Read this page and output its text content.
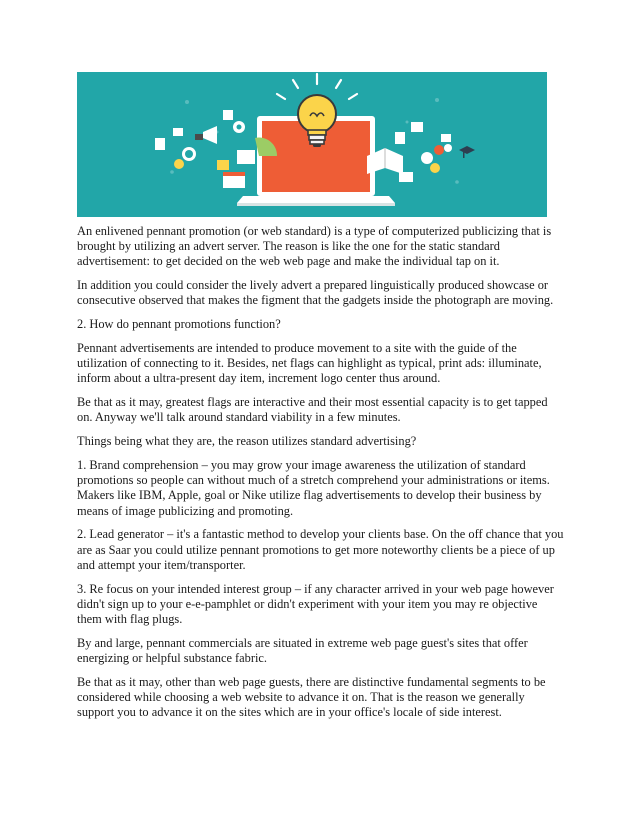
An enlivened pennant promotion (or web standard) is a type of computerized publicizing that is brought by utilizing an advert server. The reason is like the one for the static standard advertisement: to get decided on the web web page and make the individual tap on it.

In addition you could consider the lively advert a prepared linguistically produced showcase or consecutive observed that makes the figment that the gadgets inside the photograph are moving.

2. How do pennant promotions function?

Pennant advertisements are intended to produce movement to a site with the guide of the utilization of connecting to it. Besides, net flags can highlight as typical, print ads: illuminate, inform about a ultra-present day item, increment logo center thus around.

Be that as it may, greatest flags are interactive and their most essential capacity is to get tapped on. Anyway we'll talk around standard viability in a few minutes.

Things being what they are, the reason utilizes standard advertising?

1. Brand comprehension – you may grow your image awareness the utilization of standard promotions so people can without much of a stretch comprehend your administrations or items. Makers like IBM, Apple, goal or Nike utilize flag advertisements to develop their business by means of image publicizing and promoting.

2. Lead generator – it's a fantastic method to develop your clients base. On the off chance that you are as Saar you could utilize pennant promotions to get more noteworthy clients be a piece of up and attempt your item/transporter.

3. Re focus on your intended interest group – if any character arrived in your web page however didn't sign up to your e-e-pamphlet or didn't experiment with your item you may re objective them with flag plugs.

By and large, pennant commercials are situated in extreme web page guest's sites that offer energizing or helpful substance fabric.

Be that as it may, other than web page guests, there are distinctive fundamental segments to be considered while choosing a web website to advance it on. That is the reason we generally support you to advance it on the sites which are in your office's locale of side interest.
